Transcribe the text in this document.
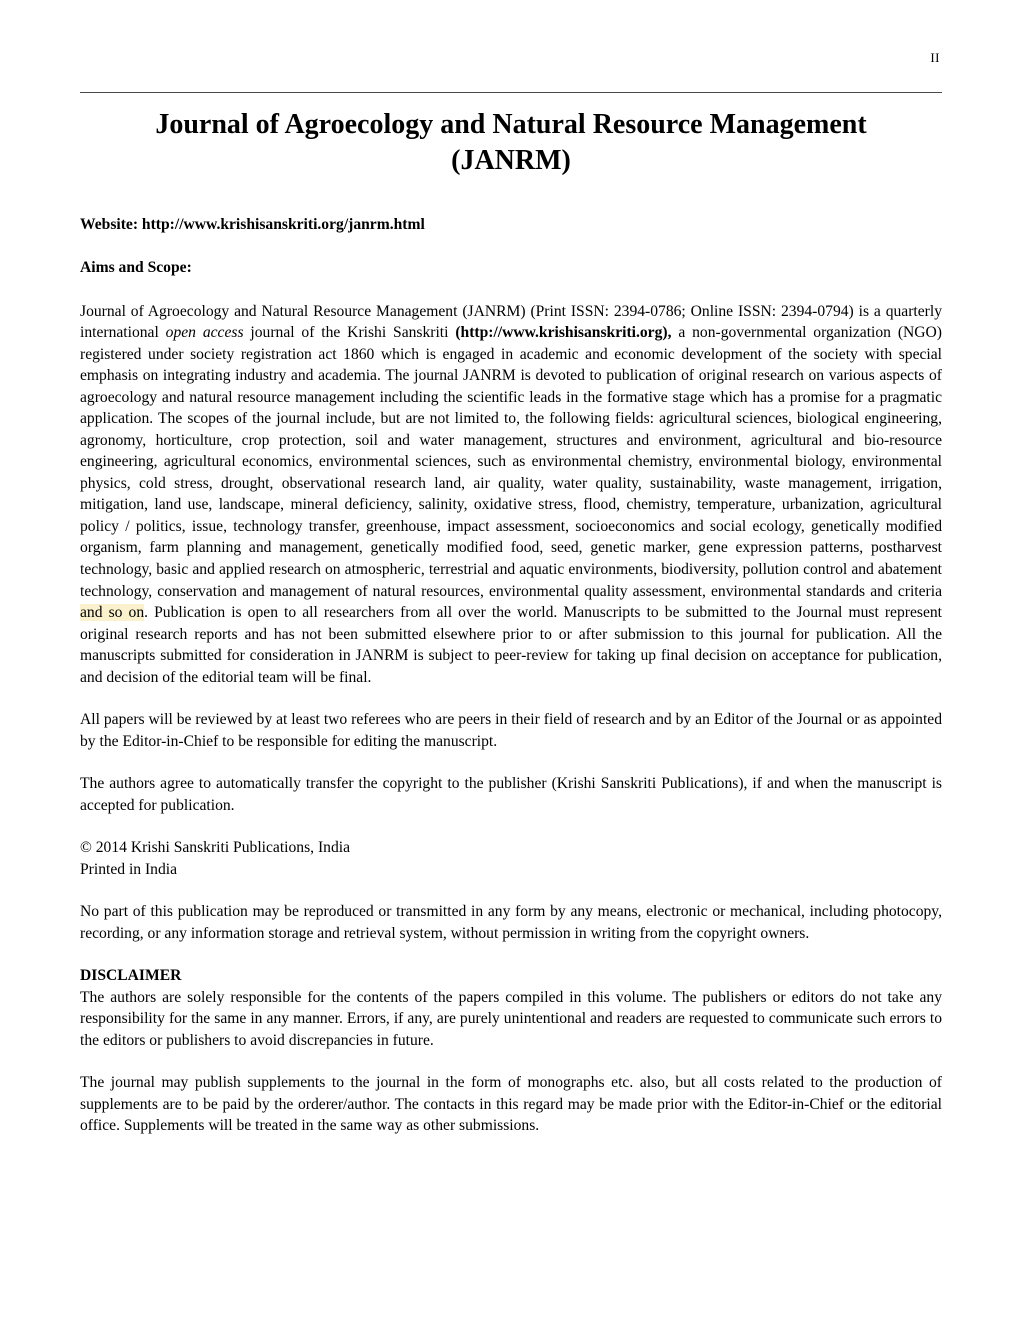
II
Journal of Agroecology and Natural Resource Management
(JANRM)

Website: http://www.krishisanskriti.org/janrm.html

Aims and Scope:

Journal of Agroecology and Natural Resource Management (JANRM) (Print ISSN: 2394-0786; Online ISSN: 2394-0794) is a quarterly international open access journal of the Krishi Sanskriti (http://www.krishisanskriti.org), a non-governmental organization (NGO) registered under society registration act 1860 which is engaged in academic and economic development of the society with special emphasis on integrating industry and academia. The journal JANRM is devoted to publication of original research on various aspects of agroecology and natural resource management including the scientific leads in the formative stage which has a promise for a pragmatic application. The scopes of the journal include, but are not limited to, the following fields: agricultural sciences, biological engineering, agronomy, horticulture, crop protection, soil and water management, structures and environment, agricultural and bio-resource engineering, agricultural economics, environmental sciences, such as environmental chemistry, environmental biology, environmental physics, cold stress, drought, observational research land, air quality, water quality, sustainability, waste management, irrigation, mitigation, land use, landscape, mineral deficiency, salinity, oxidative stress, flood, chemistry, temperature, urbanization, agricultural policy / politics, issue, technology transfer, greenhouse, impact assessment, socioeconomics and social ecology, genetically modified organism, farm planning and management, genetically modified food, seed, genetic marker, gene expression patterns, postharvest technology, basic and applied research on atmospheric, terrestrial and aquatic environments, biodiversity, pollution control and abatement technology, conservation and management of natural resources, environmental quality assessment, environmental standards and criteria and so on. Publication is open to all researchers from all over the world. Manuscripts to be submitted to the Journal must represent original research reports and has not been submitted elsewhere prior to or after submission to this journal for publication. All the manuscripts submitted for consideration in JANRM is subject to peer-review for taking up final decision on acceptance for publication, and decision of the editorial team will be final.

All papers will be reviewed by at least two referees who are peers in their field of research and by an Editor of the Journal or as appointed by the Editor-in-Chief to be responsible for editing the manuscript.

The authors agree to automatically transfer the copyright to the publisher (Krishi Sanskriti Publications), if and when the manuscript is accepted for publication.

© 2014 Krishi Sanskriti Publications, India
Printed in India

No part of this publication may be reproduced or transmitted in any form by any means, electronic or mechanical, including photocopy, recording, or any information storage and retrieval system, without permission in writing from the copyright owners.

DISCLAIMER
The authors are solely responsible for the contents of the papers compiled in this volume. The publishers or editors do not take any responsibility for the same in any manner. Errors, if any, are purely unintentional and readers are requested to communicate such errors to the editors or publishers to avoid discrepancies in future.

The journal may publish supplements to the journal in the form of monographs etc. also, but all costs related to the production of supplements are to be paid by the orderer/author. The contacts in this regard may be made prior with the Editor-in-Chief or the editorial office. Supplements will be treated in the same way as other submissions.
